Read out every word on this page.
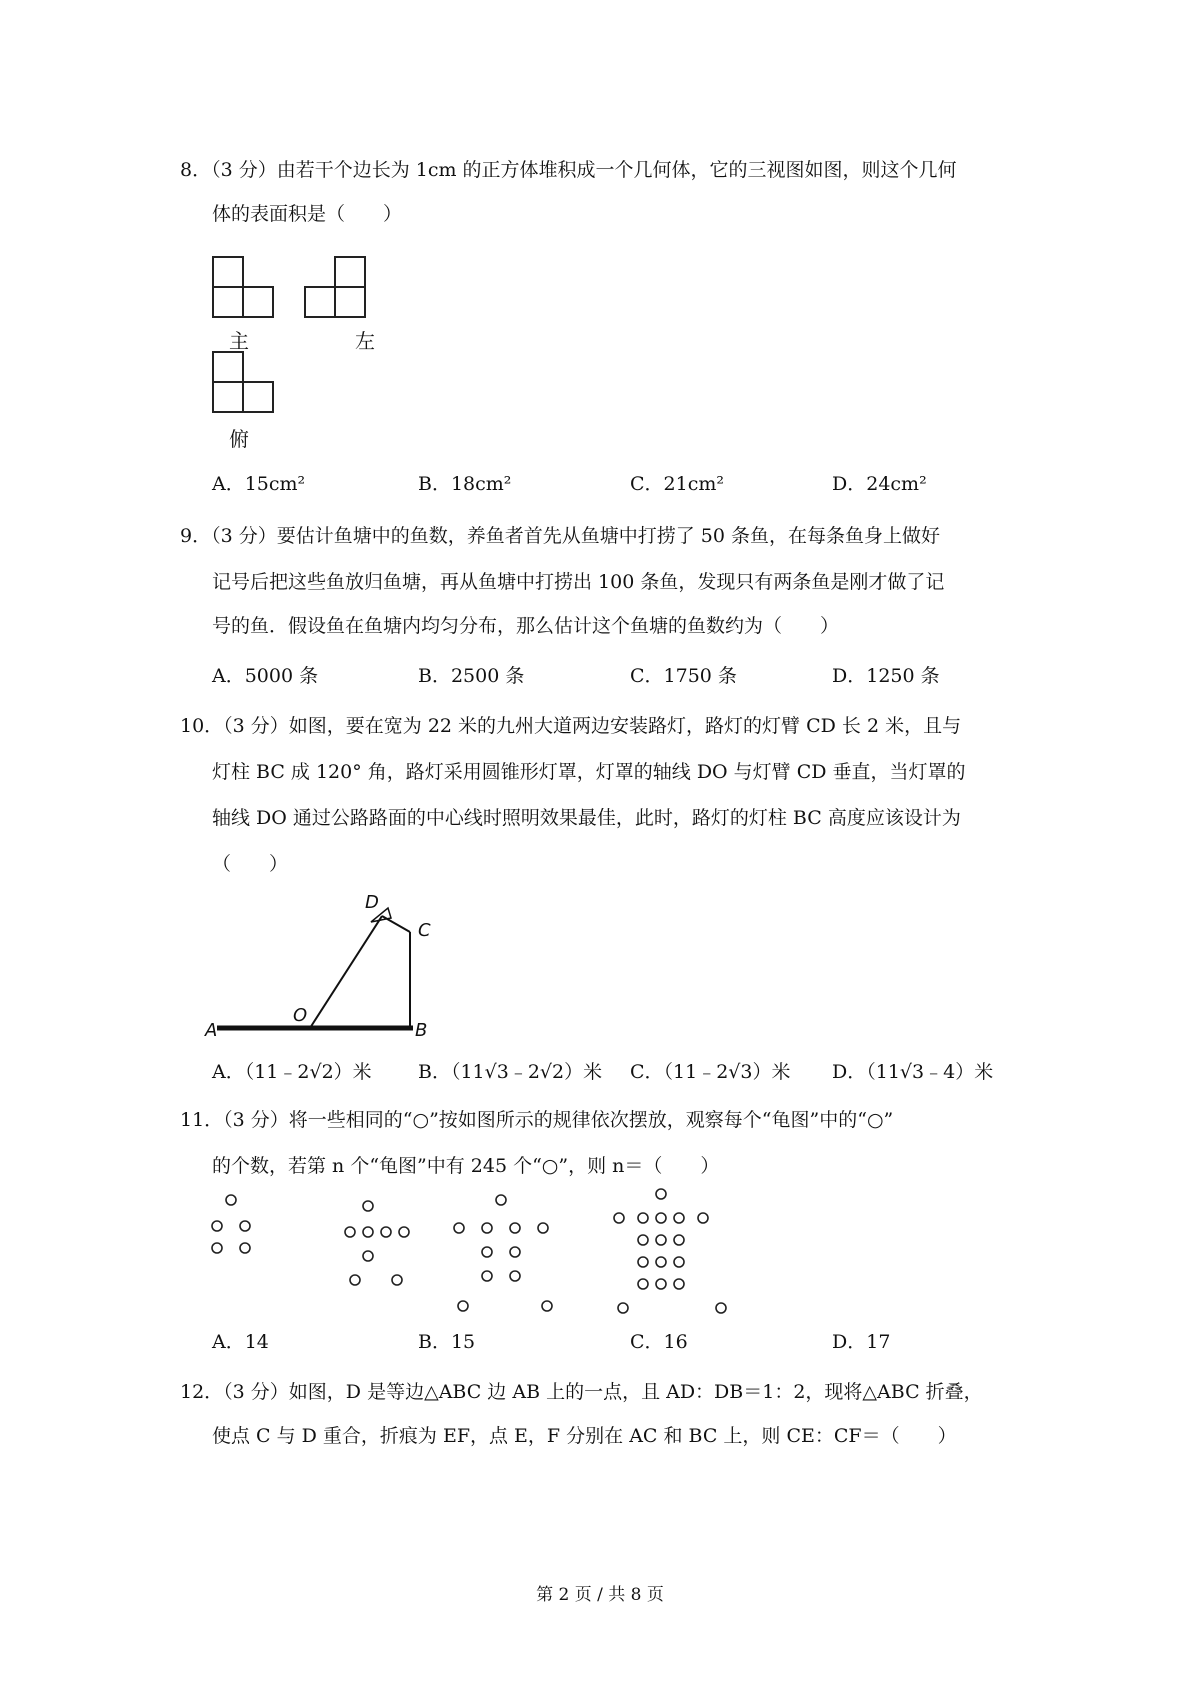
8．（3 分）由若干个边长为 1cm 的正方体堆积成一个几何体，它的三视图如图，则这个几何
体的表面积是（　　）
主	左
俯
A．15cm²	B．18cm²	C．21cm²	D．24cm²
9．（3 分）要估计鱼塘中的鱼数，养鱼者首先从鱼塘中打捞了 50 条鱼，在每条鱼身上做好
记号后把这些鱼放归鱼塘，再从鱼塘中打捞出 100 条鱼，发现只有两条鱼是刚才做了记
号的鱼．假设鱼在鱼塘内均匀分布，那么估计这个鱼塘的鱼数约为（　　）
A．5000 条	B．2500 条	C．1750 条	D．1250 条
10．（3 分）如图，要在宽为 22 米的九州大道两边安装路灯，路灯的灯臂 CD 长 2 米，且与
灯柱 BC 成 120° 角，路灯采用圆锥形灯罩，灯罩的轴线 DO 与灯臂 CD 垂直，当灯罩的
轴线 DO 通过公路路面的中心线时照明效果最佳，此时，路灯的灯柱 BC 高度应该设计为
（　　）
D
C
O
A	B
A．（11﹣2√2）米 B．（11√3﹣2√2）米 C．（11﹣2√3）米 D．（11√3﹣4）米
11．（3 分）将一些相同的“○”按如图所示的规律依次摆放，观察每个“龟图”中的“○”
的个数，若第 n 个“龟图”中有 245 个“○”，则 n＝（　　）
A．14	B．15	C．16	D．17
12．（3 分）如图，D 是等边△ABC 边 AB 上的一点，且 AD：DB＝1：2，现将△ABC 折叠，
使点 C 与 D 重合，折痕为 EF，点 E，F 分别在 AC 和 BC 上，则 CE：CF＝（　　）
第 2 页 / 共 8 页
